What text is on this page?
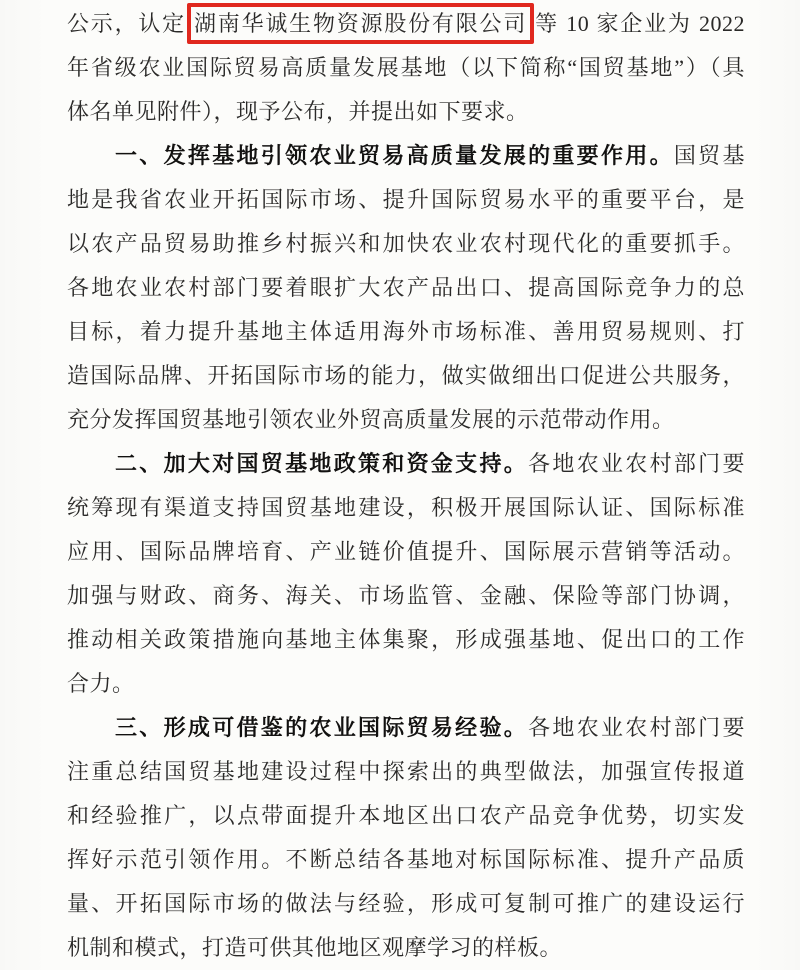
公示，认定 湖南华诚生物资源股份有限公司 等 10 家企业为 2022
年省级农业国际贸易高质量发展基地（以下简称“国贸基地”）（具
体名单见附件），现予公布，并提出如下要求。
一、发挥基地引领农业贸易高质量发展的重要作用。国贸基
地是我省农业开拓国际市场、提升国际贸易水平的重要平台，是
以农产品贸易助推乡村振兴和加快农业农村现代化的重要抓手。
各地农业农村部门要着眼扩大农产品出口、提高国际竞争力的总
目标，着力提升基地主体适用海外市场标准、善用贸易规则、打
造国际品牌、开拓国际市场的能力，做实做细出口促进公共服务，
充分发挥国贸基地引领农业外贸高质量发展的示范带动作用。
二、加大对国贸基地政策和资金支持。各地农业农村部门要
统筹现有渠道支持国贸基地建设，积极开展国际认证、国际标准
应用、国际品牌培育、产业链价值提升、国际展示营销等活动。
加强与财政、商务、海关、市场监管、金融、保险等部门协调，
推动相关政策措施向基地主体集聚，形成强基地、促出口的工作
合力。
三、形成可借鉴的农业国际贸易经验。各地农业农村部门要
注重总结国贸基地建设过程中探索出的典型做法，加强宣传报道
和经验推广，以点带面提升本地区出口农产品竞争优势，切实发
挥好示范引领作用。不断总结各基地对标国际标准、提升产品质
量、开拓国际市场的做法与经验，形成可复制可推广的建设运行
机制和模式，打造可供其他地区观摩学习的样板。
